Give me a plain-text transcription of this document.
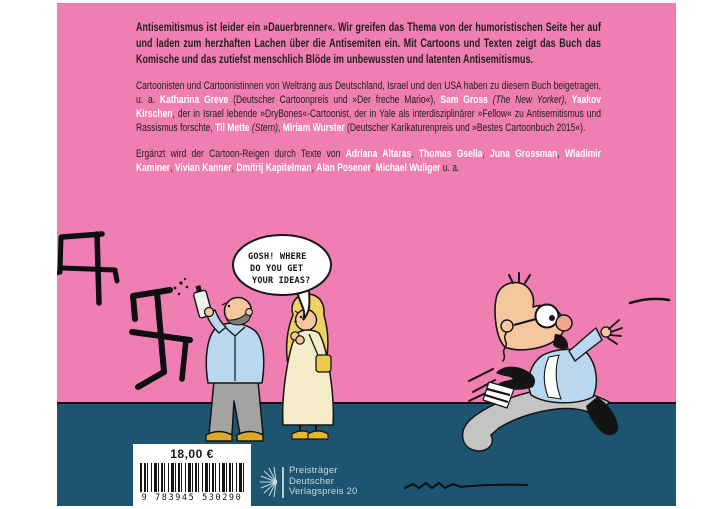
GOSH! WHERE DO YOU GET YOUR IDEAS?

Antisemitismus ist leider ein »Dauerbrenner«. Wir greifen das Thema von der humoristischen Seite her auf und laden zum herzhaften Lachen über die Antisemiten ein. Mit Cartoons und Texten zeigt das Buch das Komische und das zutiefst menschlich Blöde im unbewussten und latenten Antisemitismus.

Cartoonisten und Cartoonistinnen von Weltrang aus Deutschland, Israel und den USA haben zu diesem Buch beigetragen, u. a. Katharina Greve (Deutscher Cartoonpreis und »Der freche Mario«), Sam Gross (The New Yorker), Yaakov Kirschen, der in Israel lebende »DryBones«-Cartoonist, der in Yale als interdisziplinärer »Fellow« zu Antisemitismus und Rassismus forschte, Til Mette (Stern), Miriam Wurster (Deutscher Karikaturenpreis und »Bestes Cartoonbuch 2015«).

Ergänzt wird der Cartoon-Reigen durch Texte von Adriana Altaras, Thomas Gsella, Juna Grossman, Wladimir Kaminer, Vivian Kanner, Dmitrij Kapitelman, Alan Posener, Michael Wuliger u. a.

18,00 €
9 783945 530290
Preisträger
Deutscher
Verlagspreis 20
